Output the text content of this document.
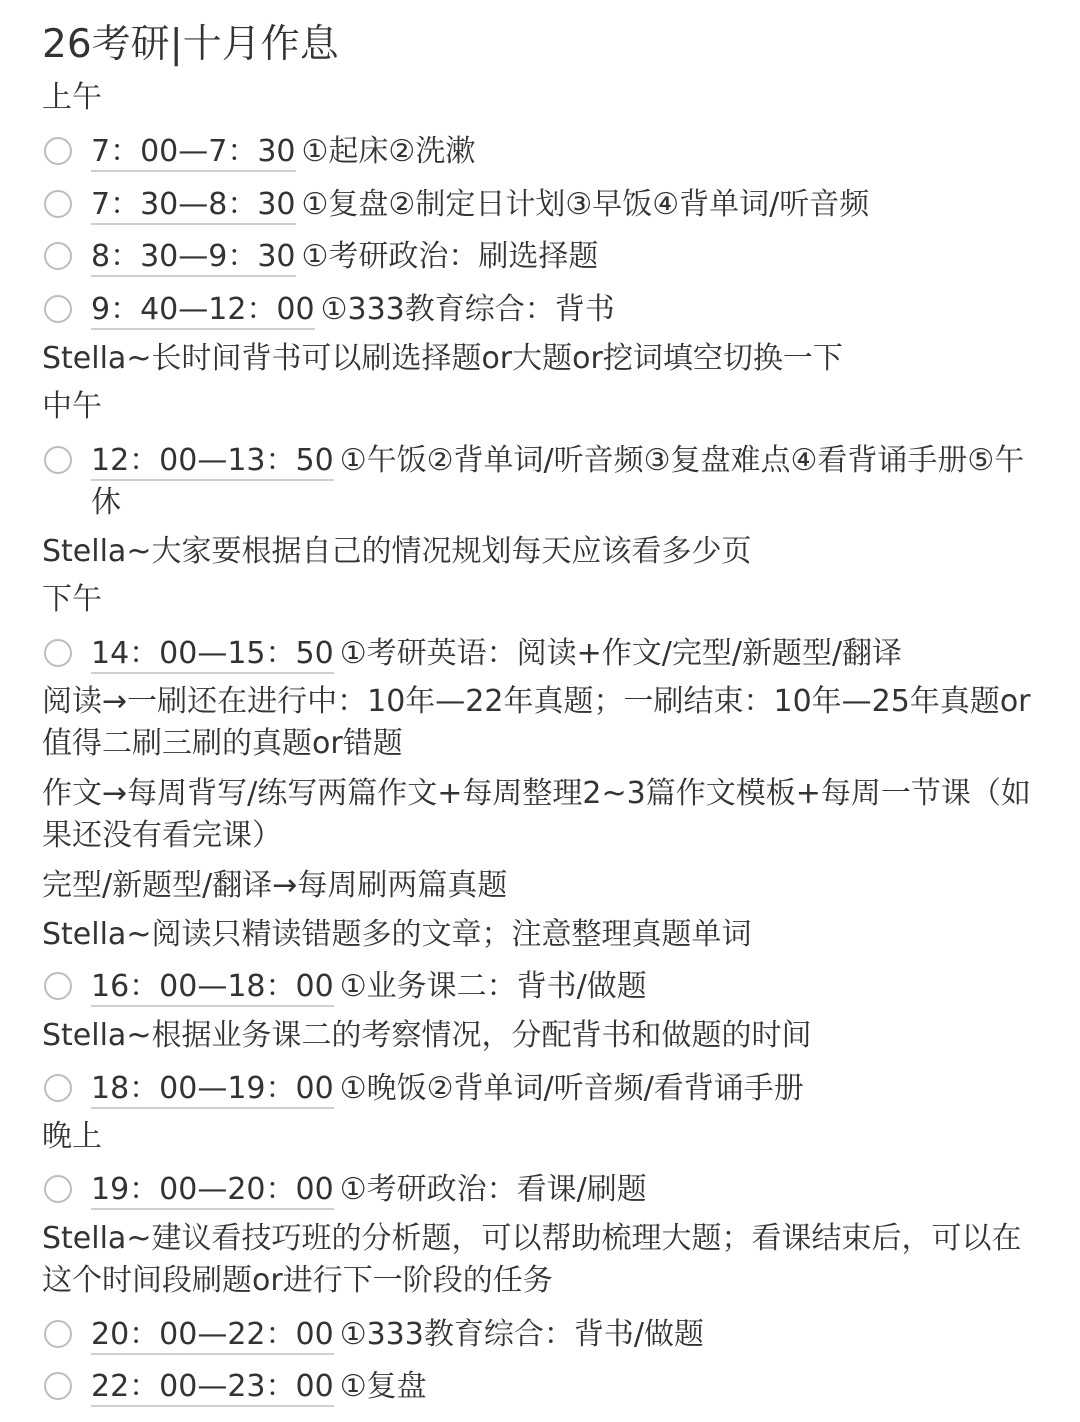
26考研|十月作息
上午
7：00—7：30 ①起床②洗漱
7：30—8：30 ①复盘②制定日计划③早饭④背单词/听音频
8：30—9：30 ①考研政治：刷选择题
9：40—12：00 ①333教育综合：背书
Stella~长时间背书可以刷选择题or大题or挖词填空切换一下
中午
12：00—13：50 ①午饭②背单词/听音频③复盘难点④看背诵手册⑤午休
Stella~大家要根据自己的情况规划每天应该看多少页
下午
14：00—15：50 ①考研英语：阅读+作文/完型/新题型/翻译
阅读→一刷还在进行中：10年—22年真题；一刷结束：10年—25年真题or值得二刷三刷的真题or错题
作文→每周背写/练写两篇作文+每周整理2~3篇作文模板+每周一节课（如果还没有看完课）
完型/新题型/翻译→每周刷两篇真题
Stella~阅读只精读错题多的文章；注意整理真题单词
16：00—18：00 ①业务课二：背书/做题
Stella~根据业务课二的考察情况，分配背书和做题的时间
18：00—19：00 ①晚饭②背单词/听音频/看背诵手册
晚上
19：00—20：00 ①考研政治：看课/刷题
Stella~建议看技巧班的分析题，可以帮助梳理大题；看课结束后，可以在这个时间段刷题or进行下一阶段的任务
20：00—22：00 ①333教育综合：背书/做题
22：00—23：00 ①复盘
